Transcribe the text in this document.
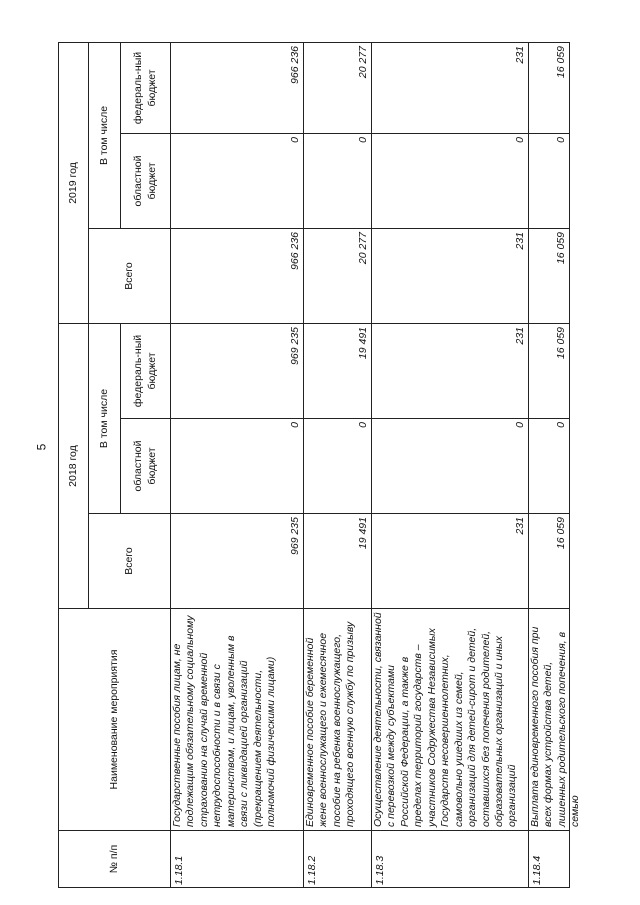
5
№ п/п	Наименование мероприятия	2018 год			2019 год		
		Всего	В том числе		Всего	В том числе	
			областной бюджет	федераль-ный бюджет		областной бюджет	федераль-ный бюджет
1.18.1	Государственные пособия лицам, не подлежащим обязательному социальному страхованию на случай временной нетрудоспособности и в связи с материнством, и лицам, уволенным в связи с ликвидацией организаций (прекращением деятельности, полномочий физическими лицами)	969 235	0	969 235	966 236	0	966 236
1.18.2	Единовременное пособие беременной жене военнослужащего и ежемесячное пособие на ребенка военнослужащего, проходящего военную службу по призыву	19 491	0	19 491	20 277	0	20 277
1.18.3	Осуществление деятельности, связанной с перевозкой между субъектами Российской Федерации, а также в пределах территорий государств – участников Содружества Независимых Государств несовершеннолетних, самовольно ушедших из семей, организаций для детей-сирот и детей, оставшихся без попечения родителей, образовательных организаций и иных организаций	231	0	231	231	0	231
1.18.4	Выплата единовременного пособия при всех формах устройства детей, лишенных родительского попечения, в семью	16 059	0	16 059	16 059	0	16 059
